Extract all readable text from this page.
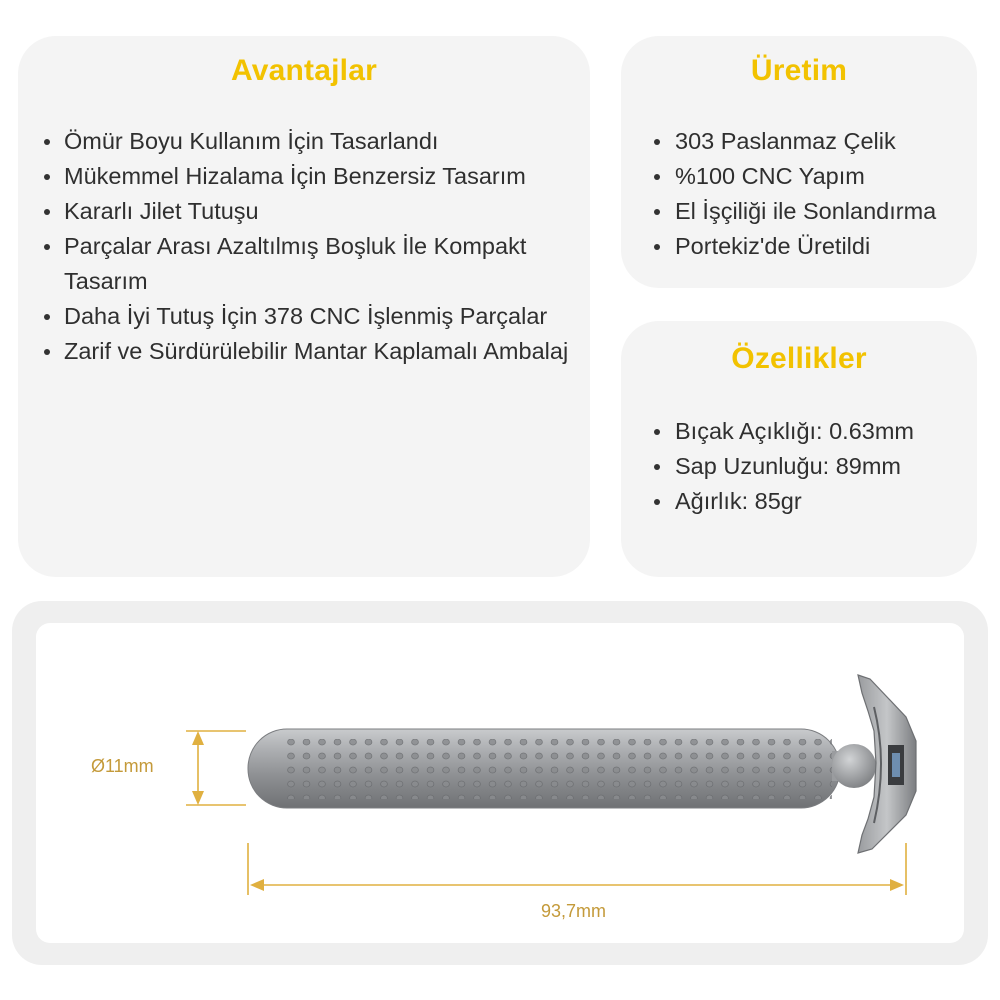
Avantajlar
Ömür Boyu Kullanım İçin Tasarlandı
Mükemmel Hizalama İçin Benzersiz Tasarım
Kararlı Jilet Tutuşu
Parçalar Arası Azaltılmış Boşluk İle Kompakt Tasarım
Daha İyi Tutuş İçin 378 CNC İşlenmiş Parçalar
Zarif ve Sürdürülebilir Mantar Kaplamalı Ambalaj
Üretim
303 Paslanmaz Çelik
%100 CNC Yapım
El İşçiliği ile Sonlandırma
Portekiz'de Üretildi
Özellikler
Bıçak Açıklığı: 0.63mm
Sap Uzunluğu: 89mm
Ağırlık: 85gr
Ø11mm
93,7mm
